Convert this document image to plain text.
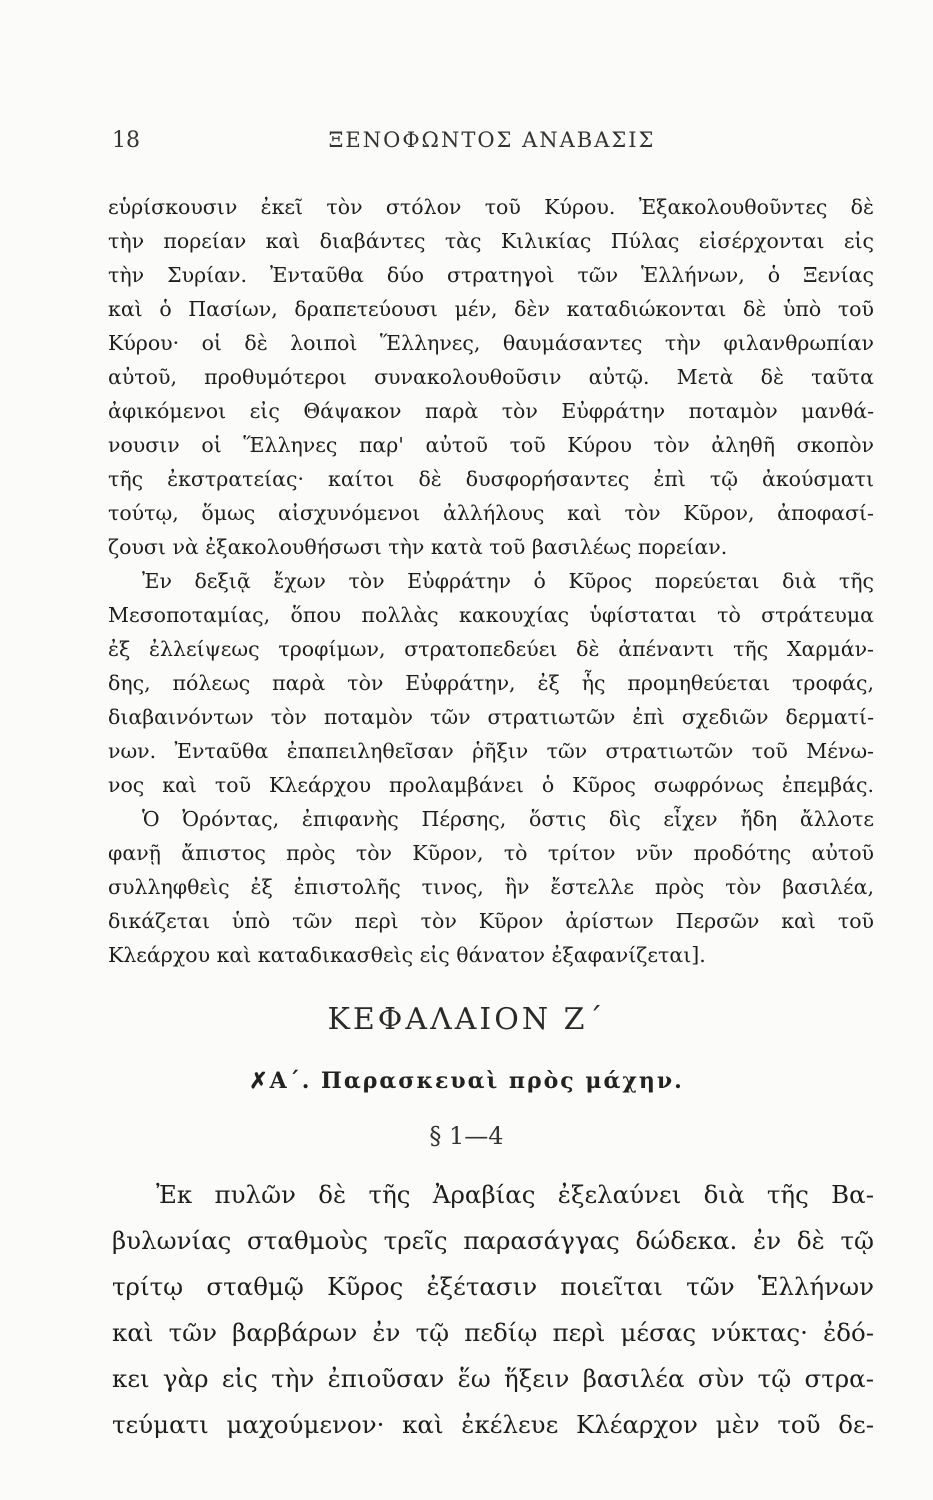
18	ΞΕΝΟΦΩΝΤΟΣ ΑΝΑΒΑΣΙΣ
εὑρίσκουσιν ἐκεῖ τὸν στόλον τοῦ Κύρου. Ἐξακολουθοῦντες δὲ
τὴν πορείαν καὶ διαβάντες τὰς Κιλικίας Πύλας εἰσέρχονται εἰς
τὴν Συρίαν. Ἐνταῦθα δύο στρατηγοὶ τῶν Ἑλλήνων, ὁ Ξενίας
καὶ ὁ Πασίων, δραπετεύουσι μέν, δὲν καταδιώκονται δὲ ὑπὸ τοῦ
Κύρου· οἱ δὲ λοιποὶ Ἕλληνες, θαυμάσαντες τὴν φιλανθρωπίαν
αὐτοῦ, προθυμότεροι συνακολουθοῦσιν αὐτῷ. Μετὰ δὲ ταῦτα
ἀφικόμενοι εἰς Θάψακον παρὰ τὸν Εὐφράτην ποταμὸν μανθά-
νουσιν οἱ Ἕλληνες παρ' αὐτοῦ τοῦ Κύρου τὸν ἀληθῆ σκοπὸν
τῆς ἐκστρατείας· καίτοι δὲ δυσφορήσαντες ἐπὶ τῷ ἀκούσματι
τούτῳ, ὅμως αἰσχυνόμενοι ἀλλήλους καὶ τὸν Κῦρον, ἀποφασί-
ζουσι νὰ ἐξακολουθήσωσι τὴν κατὰ τοῦ βασιλέως πορείαν.
Ἐν δεξιᾷ ἔχων τὸν Εὐφράτην ὁ Κῦρος πορεύεται διὰ τῆς
Μεσοποταμίας, ὅπου πολλὰς κακουχίας ὑφίσταται τὸ στράτευμα
ἐξ ἐλλείψεως τροφίμων, στρατοπεδεύει δὲ ἀπέναντι τῆς Χαρμάν-
δης, πόλεως παρὰ τὸν Εὐφράτην, ἐξ ἧς προμηθεύεται τροφάς,
διαβαινόντων τὸν ποταμὸν τῶν στρατιωτῶν ἐπὶ σχεδιῶν δερματί-
νων. Ἐνταῦθα ἐπαπειληθεῖσαν ῥῆξιν τῶν στρατιωτῶν τοῦ Μένω-
νος καὶ τοῦ Κλεάρχου προλαμβάνει ὁ Κῦρος σωφρόνως ἐπεμβάς.
Ὁ Ὀρόντας, ἐπιφανὴς Πέρσης, ὅστις δὶς εἶχεν ἤδη ἄλλοτε
φανῇ ἄπιστος πρὸς τὸν Κῦρον, τὸ τρίτον νῦν προδότης αὐτοῦ
συλληφθεὶς ἐξ ἐπιστολῆς τινος, ἣν ἔστελλε πρὸς τὸν βασιλέα,
δικάζεται ὑπὸ τῶν περὶ τὸν Κῦρον ἀρίστων Περσῶν καὶ τοῦ
Κλεάρχου καὶ καταδικασθεὶς εἰς θάνατον ἐξαφανίζεται].
ΚΕΦΑΛΑΙΟΝ Ζ΄
✗Α΄. Παρασκευαὶ πρὸς μάχην.
§ 1—4
Ἐκ πυλῶν δὲ τῆς Ἀραβίας ἐξελαύνει διὰ τῆς Βα-
βυλωνίας σταθμοὺς τρεῖς παρασάγγας δώδεκα. ἐν δὲ τῷ
τρίτῳ σταθμῷ Κῦρος ἐξέτασιν ποιεῖται τῶν Ἑλλήνων
καὶ τῶν βαρβάρων ἐν τῷ πεδίῳ περὶ μέσας νύκτας· ἐδό-
κει γὰρ εἰς τὴν ἐπιοῦσαν ἕω ἥξειν βασιλέα σὺν τῷ στρα-
τεύματι μαχούμενον· καὶ ἐκέλευε Κλέαρχον μὲν τοῦ δε-
